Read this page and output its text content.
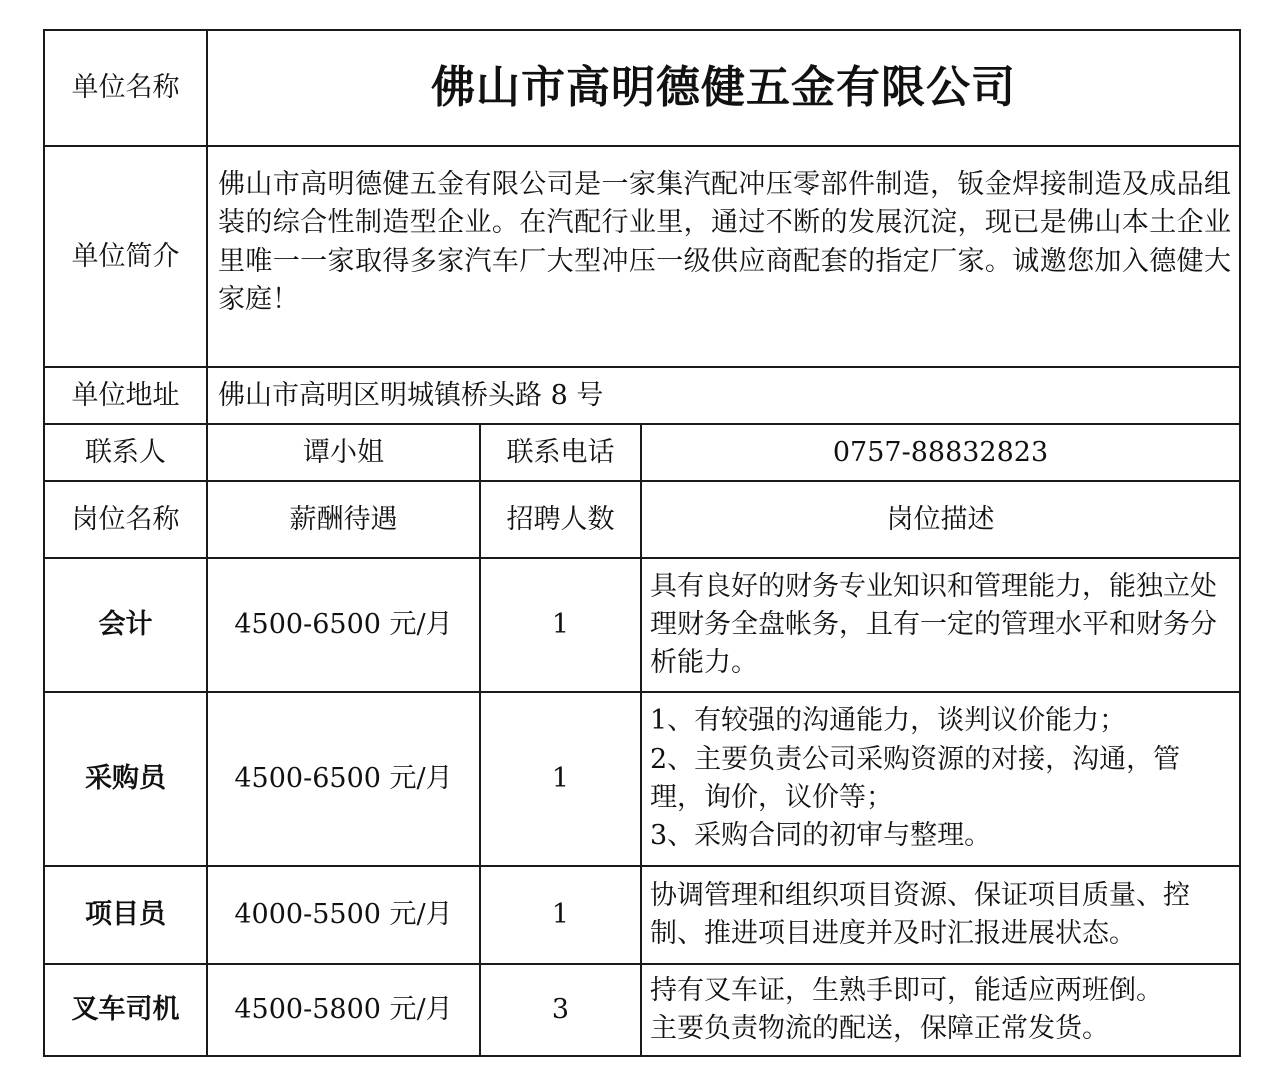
单位名称	佛山市高明德健五金有限公司		
单位简介	佛山市高明德健五金有限公司是一家集汽配冲压零部件制造，钣金焊接制造及成品组装的综合性制造型企业。在汽配行业里，通过不断的发展沉淀，现已是佛山本土企业里唯一一家取得多家汽车厂大型冲压一级供应商配套的指定厂家。诚邀您加入德健大家庭！		
单位地址	佛山市高明区明城镇桥头路 8 号		
联系人	谭小姐	联系电话	0757-88832823
岗位名称	薪酬待遇	招聘人数	岗位描述
会计	4500-6500 元/月	1	具有良好的财务专业知识和管理能力，能独立处理财务全盘帐务，且有一定的管理水平和财务分析能力。

采购员	4500-6500 元/月	1	1、有较强的沟通能力，谈判议价能力；
2、主要负责公司采购资源的对接，沟通，管理，询价，议价等；
3、采购合同的初审与整理。

项目员	4000-5500 元/月	1	协调管理和组织项目资源、保证项目质量、控制、推进项目进度并及时汇报进展状态。

叉车司机	4500-5800 元/月	3	持有叉车证，生熟手即可，能适应两班倒。
主要负责物流的配送，保障正常发货。
